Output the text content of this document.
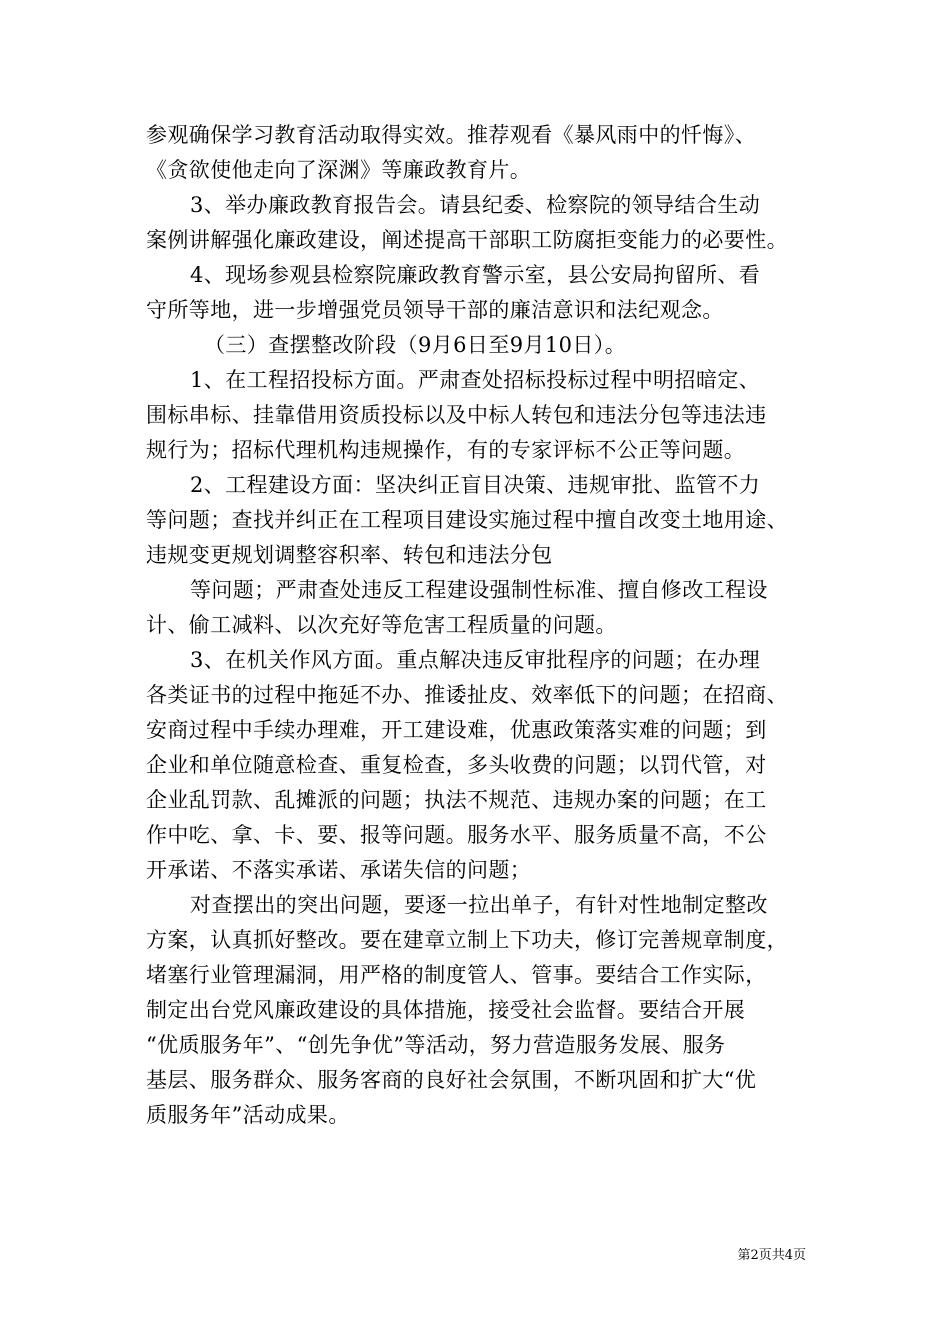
参观确保学习教育活动取得实效。推荐观看《暴风雨中的忏悔》、
《贪欲使他走向了深渊》等廉政教育片。
3、举办廉政教育报告会。请县纪委、检察院的领导结合生动
案例讲解强化廉政建设，阐述提高干部职工防腐拒变能力的必要性。
4、现场参观县检察院廉政教育警示室，县公安局拘留所、看
守所等地，进一步增强党员领导干部的廉洁意识和法纪观念。
（三）查摆整改阶段（9月6日至9月10日）。
1、在工程招投标方面。严肃查处招标投标过程中明招暗定、
围标串标、挂靠借用资质投标以及中标人转包和违法分包等违法违
规行为；招标代理机构违规操作，有的专家评标不公正等问题。
2、工程建设方面：坚决纠正盲目决策、违规审批、监管不力
等问题；查找并纠正在工程项目建设实施过程中擅自改变土地用途、
违规变更规划调整容积率、转包和违法分包
等问题；严肃查处违反工程建设强制性标准、擅自修改工程设
计、偷工减料、以次充好等危害工程质量的问题。
3、在机关作风方面。重点解决违反审批程序的问题；在办理
各类证书的过程中拖延不办、推诿扯皮、效率低下的问题；在招商、
安商过程中手续办理难，开工建设难，优惠政策落实难的问题；到
企业和单位随意检查、重复检查，多头收费的问题；以罚代管，对
企业乱罚款、乱摊派的问题；执法不规范、违规办案的问题；在工
作中吃、拿、卡、要、报等问题。服务水平、服务质量不高，不公
开承诺、不落实承诺、承诺失信的问题；
对查摆出的突出问题，要逐一拉出单子，有针对性地制定整改
方案，认真抓好整改。要在建章立制上下功夫，修订完善规章制度，
堵塞行业管理漏洞，用严格的制度管人、管事。要结合工作实际，
制定出台党风廉政建设的具体措施，接受社会监督。要结合开展
“优质服务年”、“创先争优”等活动，努力营造服务发展、服务
基层、服务群众、服务客商的良好社会氛围，不断巩固和扩大“优
质服务年”活动成果。
第2页共4页
